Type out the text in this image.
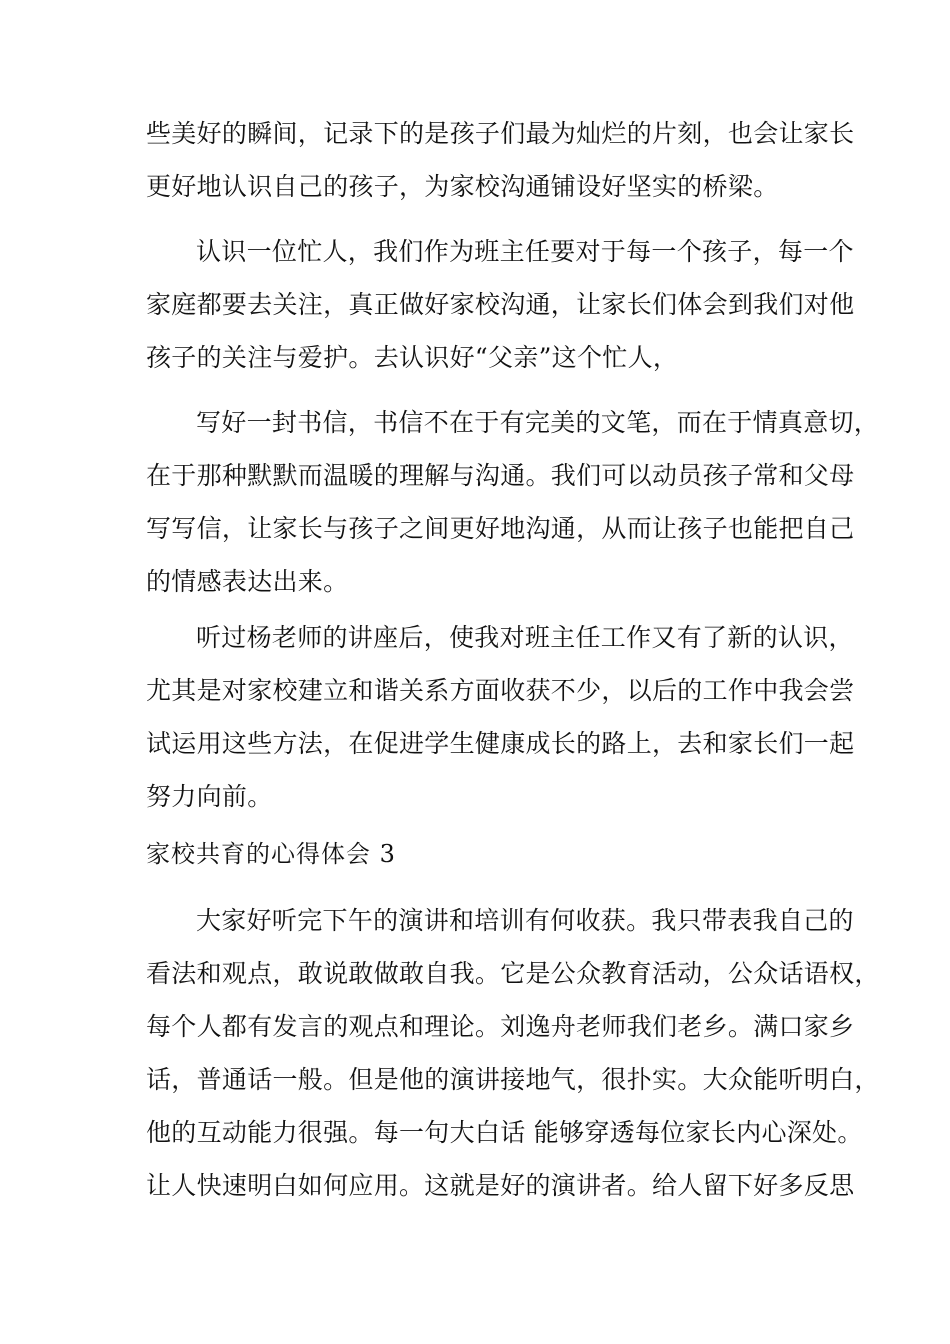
些美好的瞬间，记录下的是孩子们最为灿烂的片刻，也会让家长
更好地认识自己的孩子，为家校沟通铺设好坚实的桥梁。
认识一位忙人，我们作为班主任要对于每一个孩子，每一个
家庭都要去关注，真正做好家校沟通，让家长们体会到我们对他
孩子的关注与爱护。去认识好“父亲”这个忙人，
写好一封书信，书信不在于有完美的文笔，而在于情真意切，
在于那种默默而温暖的理解与沟通。我们可以动员孩子常和父母
写写信，让家长与孩子之间更好地沟通，从而让孩子也能把自己
的情感表达出来。
听过杨老师的讲座后，使我对班主任工作又有了新的认识，
尤其是对家校建立和谐关系方面收获不少，以后的工作中我会尝
试运用这些方法，在促进学生健康成长的路上，去和家长们一起
努力向前。
家校共育的心得体会 3
大家好听完下午的演讲和培训有何收获。我只带表我自己的
看法和观点，敢说敢做敢自我。它是公众教育活动，公众话语权，
每个人都有发言的观点和理论。刘逸舟老师我们老乡。满口家乡
话，普通话一般。但是他的演讲接地气，很扑实。大众能听明白，
他的互动能力很强。每一句大白话 能够穿透每位家长内心深处。
让人快速明白如何应用。这就是好的演讲者。给人留下好多反思
